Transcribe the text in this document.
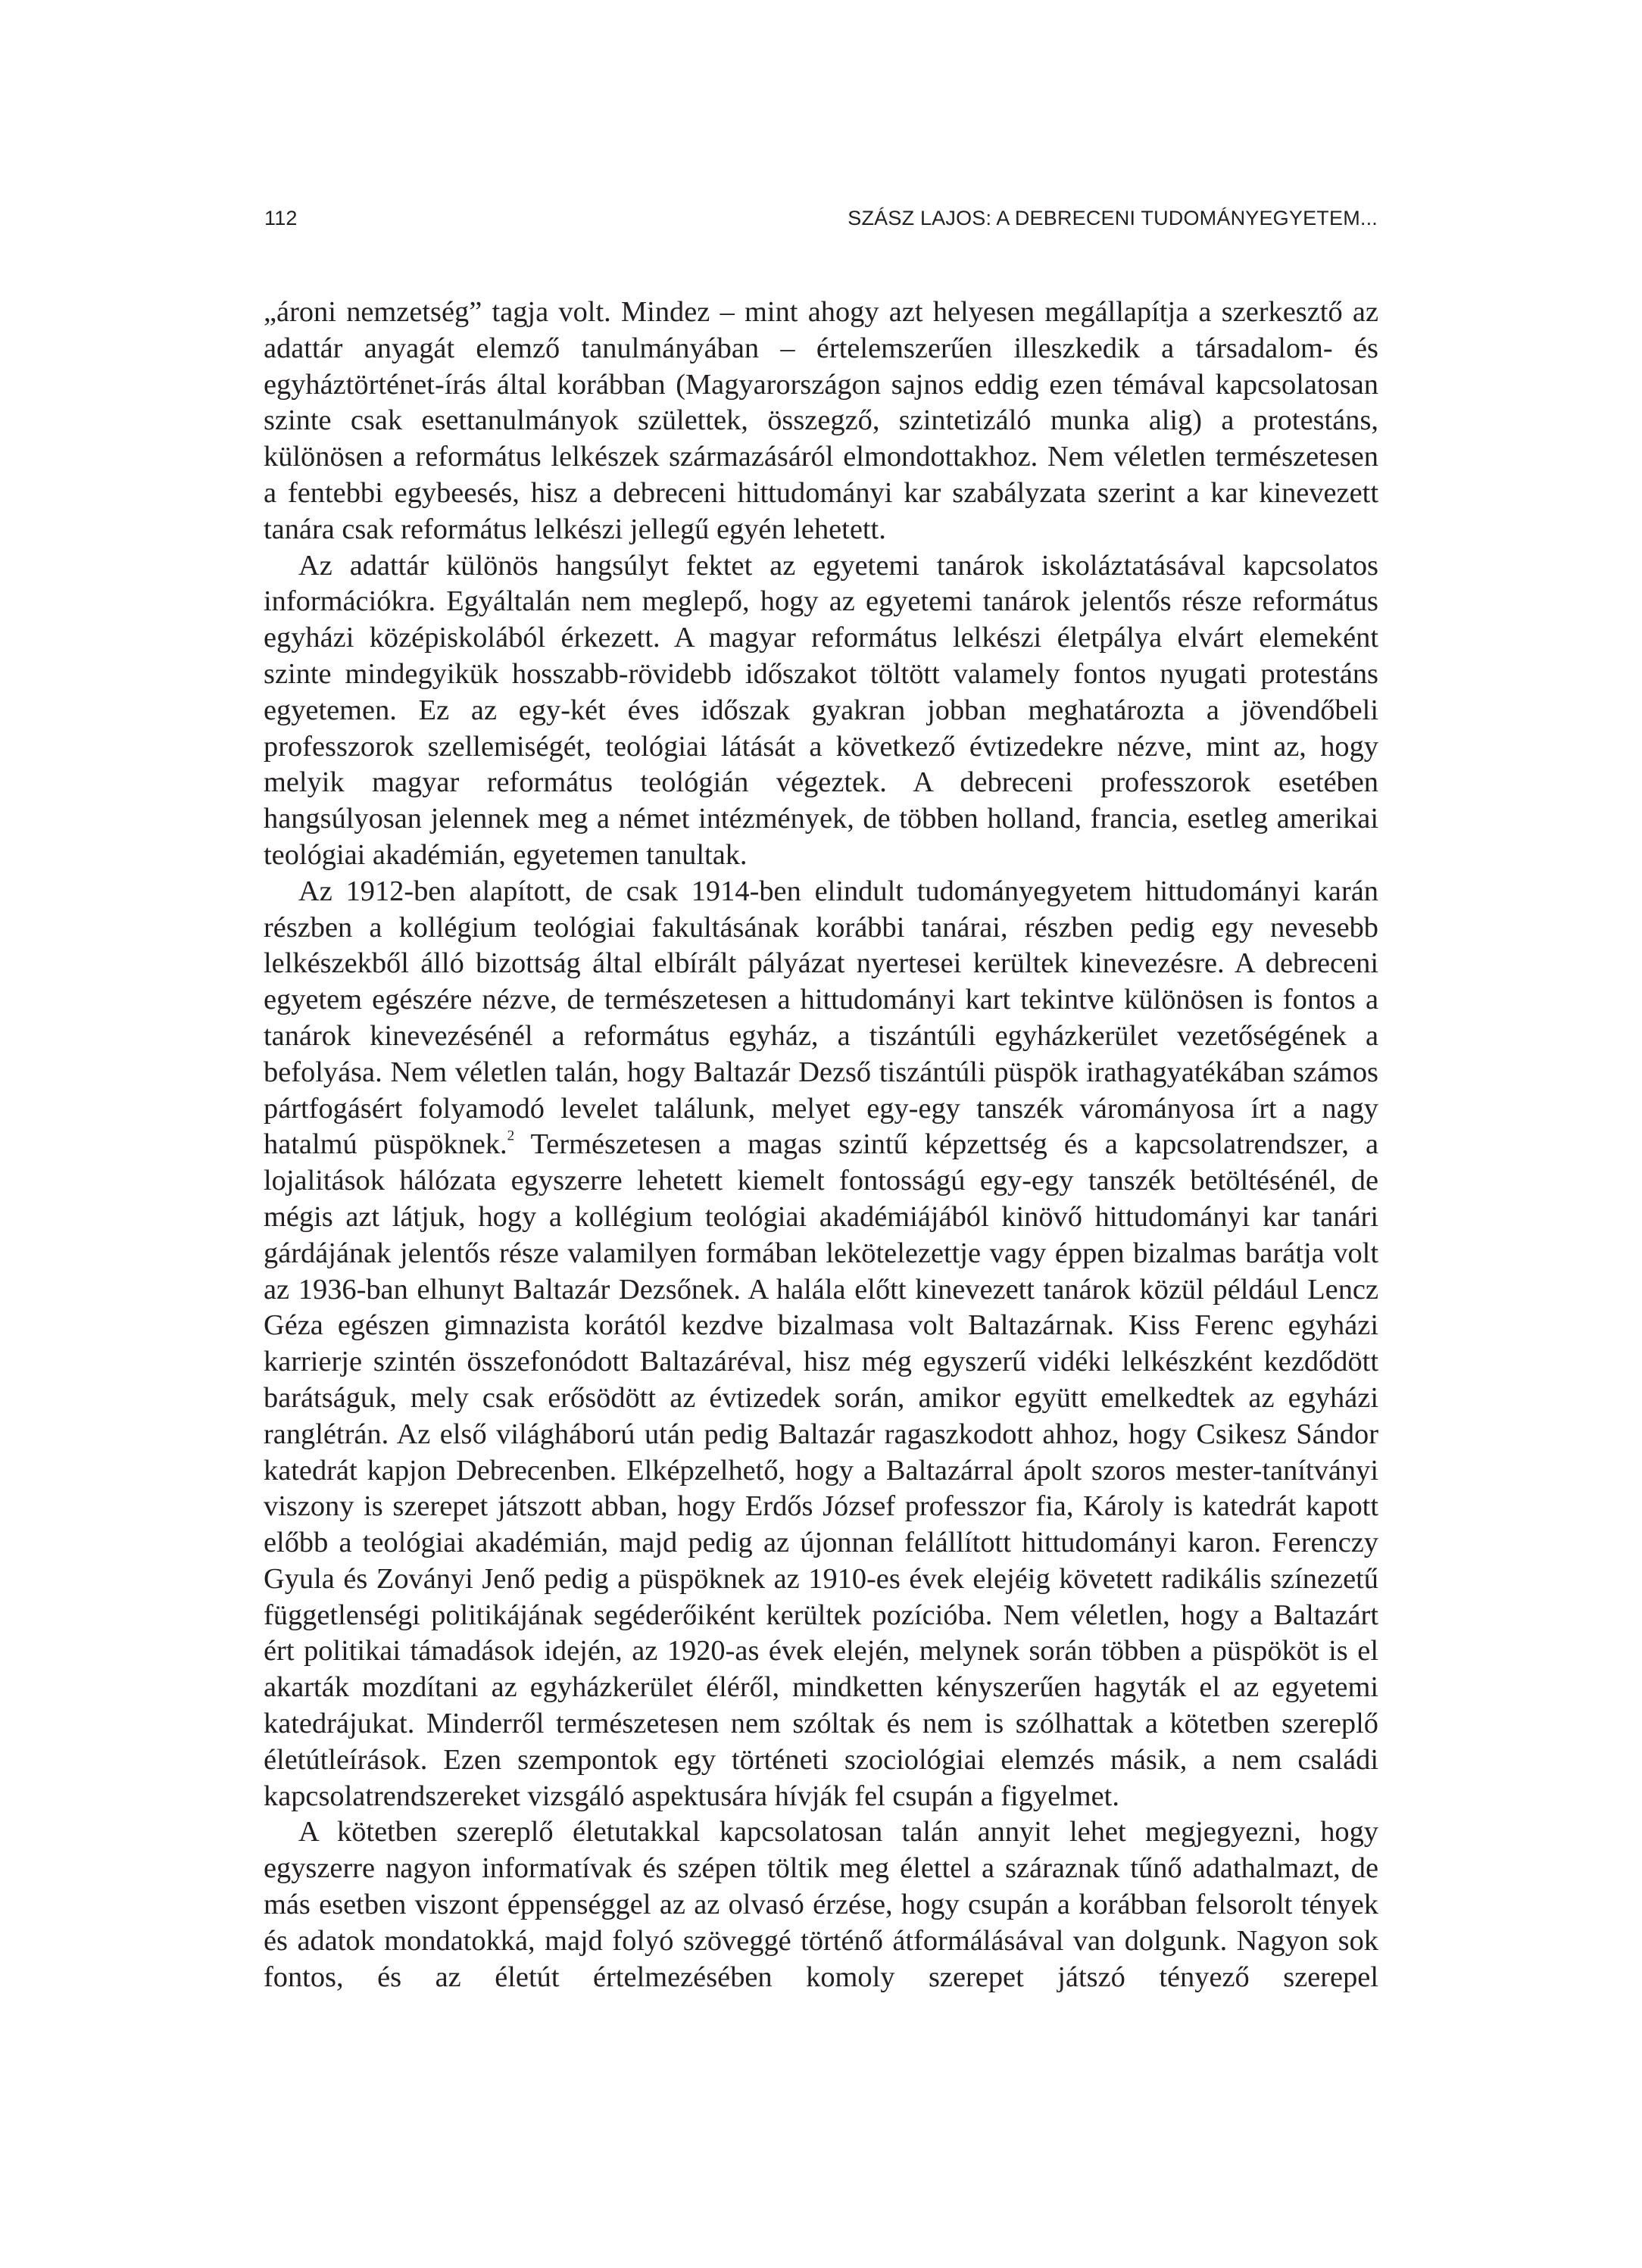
112	SZÁSZ LAJOS: A DEBRECENI TUDOMÁNYEGYETEM...

„ároni nemzetség” tagja volt. Mindez – mint ahogy azt helyesen megállapítja a szerkesztő az adattár anyagát elemző tanulmányában – értelemszerűen illeszkedik a társadalom- és egyháztörténet-írás által korábban (Magyarországon sajnos eddig ezen témával kapcsolatosan szinte csak esettanulmányok születtek, összegző, szintetizáló munka alig) a protestáns, különösen a református lelkészek származásáról elmondottakhoz. Nem véletlen természetesen a fentebbi egybeesés, hisz a debreceni hittudományi kar szabályzata szerint a kar kinevezett tanára csak református lelkészi jellegű egyén lehetett.

Az adattár különös hangsúlyt fektet az egyetemi tanárok iskoláztatásával kapcsolatos információkra. Egyáltalán nem meglepő, hogy az egyetemi tanárok jelentős része református egyházi középiskolából érkezett. A magyar református lelkészi életpálya elvárt elemeként szinte mindegyikük hosszabb-rövidebb időszakot töltött valamely fontos nyugati protestáns egyetemen. Ez az egy-két éves időszak gyakran jobban meghatározta a jövendőbeli professzorok szellemiségét, teológiai látását a következő évtizedekre nézve, mint az, hogy melyik magyar református teológián végeztek. A debreceni professzorok esetében hangsúlyosan jelennek meg a német intézmények, de többen holland, francia, esetleg amerikai teológiai akadémián, egyetemen tanultak.

Az 1912-ben alapított, de csak 1914-ben elindult tudományegyetem hittudományi karán részben a kollégium teológiai fakultásának korábbi tanárai, részben pedig egy nevesebb lelkészekből álló bizottság által elbírált pályázat nyertesei kerültek kinevezésre. A debreceni egyetem egészére nézve, de természetesen a hittudományi kart tekintve különösen is fontos a tanárok kinevezésénél a református egyház, a tiszántúli egyházkerület vezetőségének a befolyása. Nem véletlen talán, hogy Baltazár Dezső tiszántúli püspök irathagyatékában számos pártfogásért folyamodó levelet találunk, melyet egy-egy tanszék várományosa írt a nagy hatalmú püspöknek.$^2$ Természetesen a magas szintű képzettség és a kapcsolatrendszer, a lojalitások hálózata egyszerre lehetett kiemelt fontosságú egy-egy tanszék betöltésénél, de mégis azt látjuk, hogy a kollégium teológiai akadémiájából kinövő hittudományi kar tanári gárdájának jelentős része valamilyen formában lekötelezettje vagy éppen bizalmas barátja volt az 1936-ban elhunyt Baltazár Dezsőnek. A halála előtt kinevezett tanárok közül például Lencz Géza egészen gimnazista korától kezdve bizalmasa volt Baltazárnak. Kiss Ferenc egyházi karrierje szintén összefonódott Baltazáréval, hisz még egyszerű vidéki lelkészként kezdődött barátságuk, mely csak erősödött az évtizedek során, amikor együtt emelkedtek az egyházi ranglétrán. Az első világháború után pedig Baltazár ragaszkodott ahhoz, hogy Csikesz Sándor katedrát kapjon Debrecenben. Elképzelhető, hogy a Baltazárral ápolt szoros mester-tanítványi viszony is szerepet játszott abban, hogy Erdős József professzor fia, Károly is katedrát kapott előbb a teológiai akadémián, majd pedig az újonnan felállított hittudományi karon. Ferenczy Gyula és Zoványi Jenő pedig a püspöknek az 1910-es évek elejéig követett radikális színezetű függetlenségi politikájának segéderőiként kerültek pozícióba. Nem véletlen, hogy a Baltazárt ért politikai támadások idején, az 1920-as évek elején, melynek során többen a püspököt is el akarták mozdítani az egyházkerület éléről, mindketten kényszerűen hagyták el az egyetemi katedrájukat. Minderről természetesen nem szóltak és nem is szólhattak a kötetben szereplő életútleírások. Ezen szempontok egy történeti szociológiai elemzés másik, a nem családi kapcsolatrendszereket vizsgáló aspektusára hívják fel csupán a figyelmet.

A kötetben szereplő életutakkal kapcsolatosan talán annyit lehet megjegyezni, hogy egyszerre nagyon informatívak és szépen töltik meg élettel a száraznak tűnő adathalmazt, de más esetben viszont éppenséggel az az olvasó érzése, hogy csupán a korábban felsorolt tények és adatok mondatokká, majd folyó szöveggé történő átformálásával van dolgunk. Nagyon sok fontos, és az életút értelmezésében komoly szerepet játszó tényező szerepel
